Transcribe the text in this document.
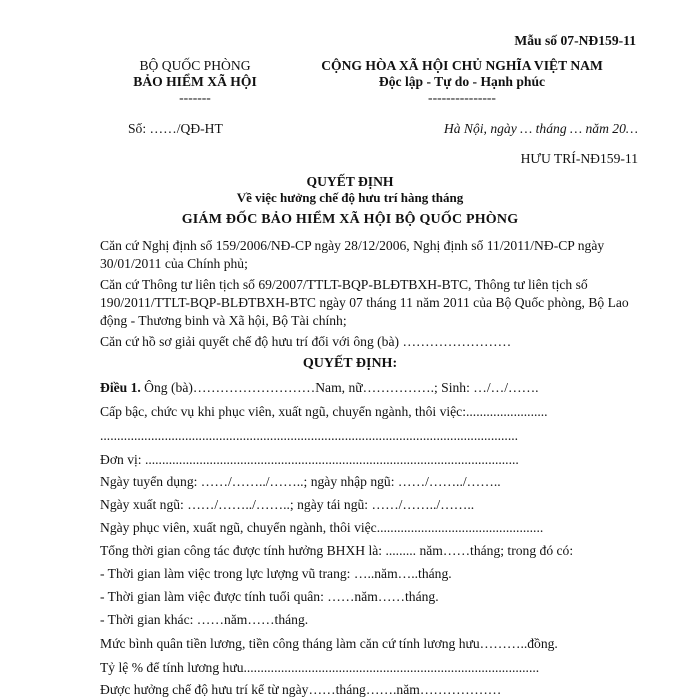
Mẫu số 07-NĐ159-11
BỘ QUỐC PHÒNG
BẢO HIỂM XÃ HỘI
-------
CỘNG HÒA XÃ HỘI CHỦ NGHĨA VIỆT NAM
Độc lập - Tự do - Hạnh phúc
---------------
Số: ……/QĐ-HT	Hà Nội, ngày … tháng … năm 20…
HƯU TRÍ-NĐ159-11
QUYẾT ĐỊNH
Về việc hưởng chế độ hưu trí hàng tháng
GIÁM ĐỐC BẢO HIỂM XÃ HỘI BỘ QUỐC PHÒNG
Căn cứ Nghị định số 159/2006/NĐ-CP ngày 28/12/2006, Nghị định số 11/2011/NĐ-CP ngày 30/01/2011 của Chính phủ;
Căn cứ Thông tư liên tịch số 69/2007/TTLT-BQP-BLĐTBXH-BTC, Thông tư liên tịch số 190/2011/TTLT-BQP-BLĐTBXH-BTC ngày 07 tháng 11 năm 2011 của Bộ Quốc phòng, Bộ Lao động - Thương binh và Xã hội, Bộ Tài chính;
Căn cứ hồ sơ giải quyết chế độ hưu trí đối với ông (bà) ……………………
QUYẾT ĐỊNH:
Điều 1. Ông (bà)………………………Nam, nữ…………….; Sinh: …/…/…….
Cấp bậc, chức vụ khi phục viên, xuất ngũ, chuyển ngành, thôi việc:........................
...........................................................................................................................
Đơn vị: ..............................................................................................................
Ngày tuyển dụng: ……/……../……..; ngày nhập ngũ: ……/……../……..
Ngày xuất ngũ: ……/……../……..; ngày tái ngũ: ……/……../……..
Ngày phục viên, xuất ngũ, chuyển ngành, thôi việc.................................................
Tổng thời gian công tác được tính hưởng BHXH là: ......... năm……tháng; trong đó có:
- Thời gian làm việc trong lực lượng vũ trang: …..năm…..tháng.
- Thời gian làm việc được tính tuổi quân: ……năm……tháng.
- Thời gian khác: ……năm……tháng.
Mức bình quân tiền lương, tiền công tháng làm căn cứ tính lương hưu………..đồng.
Tỷ lệ % để tính lương hưu.......................................................................................
Được hưởng chế độ hưu trí kể từ ngày……tháng…….năm………………
